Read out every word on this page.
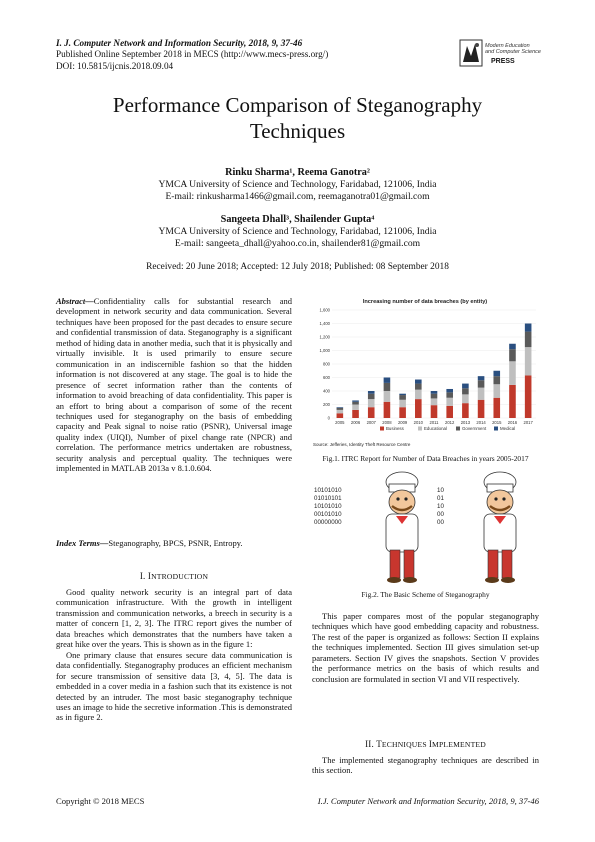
I. J. Computer Network and Information Security, 2018, 9, 37-46
Published Online September 2018 in MECS (http://www.mecs-press.org/)
DOI: 10.5815/ijcnis.2018.09.04
Modern Education
and Computer Science
PRESS
Performance Comparison of Steganography
Techniques
Rinku Sharma¹, Reema Ganotra²
YMCA University of Science and Technology, Faridabad, 121006, India
E-mail: rinkusharma1466@gmail.com, reemaganotra01@gmail.com
Sangeeta Dhall³, Shailender Gupta⁴
YMCA University of Science and Technology, Faridabad, 121006, India
E-mail: sangeeta_dhall@yahoo.co.in, shailender81@gmail.com
Received: 20 June 2018; Accepted: 12 July 2018; Published: 08 September 2018

Abstract—Confidentiality calls for substantial research and development in network security and data communication. Several techniques have been proposed for the past decades to ensure secure and confidential transmission of data. Steganography is a significant method of hiding data in another media, such that it is physically and virtually invisible. It is used primarily to ensure secure communication in an indiscernible fashion so that the hidden information is not discovered at any stage. The goal is to hide the presence of secret information rather than the contents of information to avoid breaching of data confidentiality. This paper is an effort to bring about a comparison of some of the recent techniques used for steganography on the basis of embedding capacity and Peak signal to noise ratio (PSNR), Universal image quality index (UIQI), Number of pixel change rate (NPCR) and correlation. The performance metrics undertaken are robustness, security analysis and perceptual quality. The techniques were implemented in MATLAB 2013a v 8.1.0.604.

Index Terms—Steganography, BPCS, PSNR, Entropy.

I. INTRODUCTION

Good quality network security is an integral part of data communication infrastructure. With the growth in intelligent transmission and communication networks, a breech in security is a matter of concern [1, 2, 3]. The ITRC report gives the number of data breaches which demonstrates that the numbers have taken a great hike over the years. This is shown as in the figure 1:

One primary clause that ensures secure data communication is data confidentially. Steganography produces an efficient mechanism for secure transmission of sensitive data [3, 4, 5]. The data is embedded in a cover media in a fashion such that its existence is not detected by an intruder. The most basic steganography technique uses an image to hide the secretive information .This is demonstrated as in figure 2.

Increasing number of data breaches (by entity)
0
200
400
600
800
1,000
1,200
1,400
1,600
2005 2006 2007 2008 2009 2010 2011 2012 2013 2014 2015 2016 2017
Business	Educational	Government	Medical
Source: Jefferies, Identity Theft Resource Centre
Fig.1. ITRC Report for Number of Data Breaches in years 2005-2017
10101010
01010101
10101010
00101010
00000000
10
01
10
00
00
Fig.2. The Basic Scheme of Steganography

This paper compares most of the popular steganography techniques which have good embedding capacity and robustness. The rest of the paper is organized as follows: Section II explains the techniques implemented. Section III gives simulation set-up parameters. Section IV gives the snapshots. Section V provides the performance metrics on the basis of which results and conclusion are formulated in section VI and VII respectively.

II. TECHNIQUES IMPLEMENTED

The implemented steganography techniques are described in this section.

Copyright © 2018 MECS	I.J. Computer Network and Information Security, 2018, 9, 37-46
